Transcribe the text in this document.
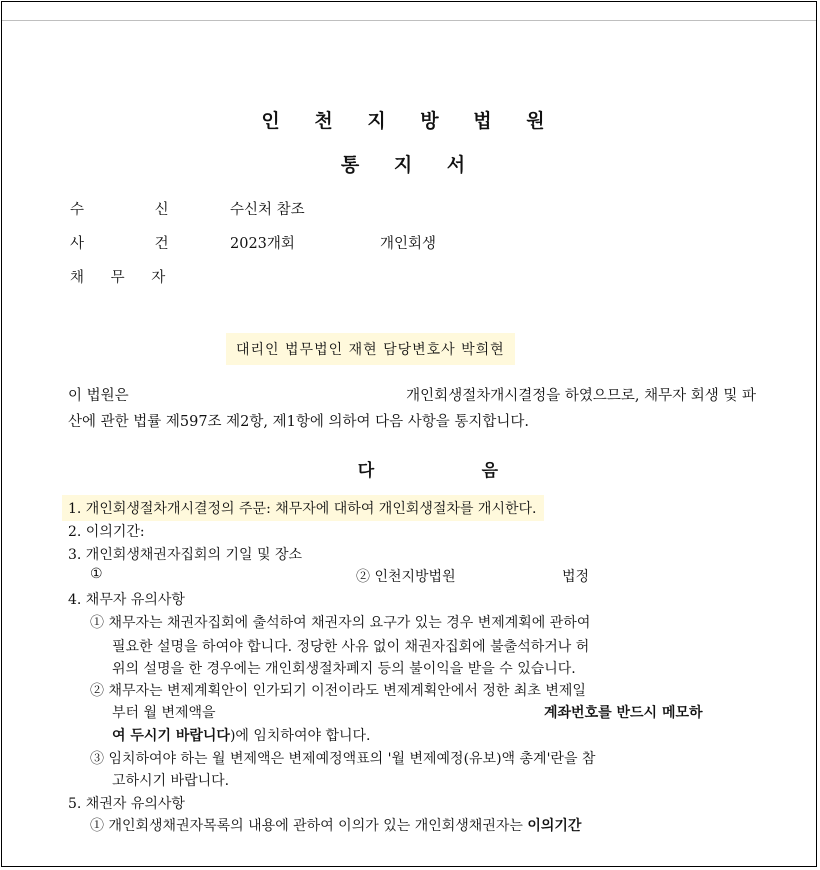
인 천 지 방 법 원
통 지 서
수 신	수신처 참조
사 건	2023개회	개인회생
채 무 자
대리인 법무법인 재현 담당변호사 박희현
이 법원은	개인회생절차개시결정을 하였으므로, 채무자 회생 및 파
산에 관한 법률 제597조 제2항, 제1항에 의하여 다음 사항을 통지합니다.
다	음
1. 개인회생절차개시결정의 주문: 채무자에 대하여 개인회생절차를 개시한다.
2. 이의기간:
3. 개인회생채권자집회의 기일 및 장소
①	② 인천지방법원	법정
4. 채무자 유의사항
① 채무자는 채권자집회에 출석하여 채권자의 요구가 있는 경우 변제계획에 관하여
필요한 설명을 하여야 합니다. 정당한 사유 없이 채권자집회에 불출석하거나 허
위의 설명을 한 경우에는 개인회생절차폐지 등의 불이익을 받을 수 있습니다.
② 채무자는 변제계획안이 인가되기 이전이라도 변제계획안에서 정한 최초 변제일
부터 월 변제액을	계좌번호를 반드시 메모하
여 두시기 바랍니다)에 임치하여야 합니다.
③ 임치하여야 하는 월 변제액은 변제예정액표의 '월 변제예정(유보)액 총계'란을 참
고하시기 바랍니다.
5. 채권자 유의사항
① 개인회생채권자목록의 내용에 관하여 이의가 있는 개인회생채권자는 이의기간
